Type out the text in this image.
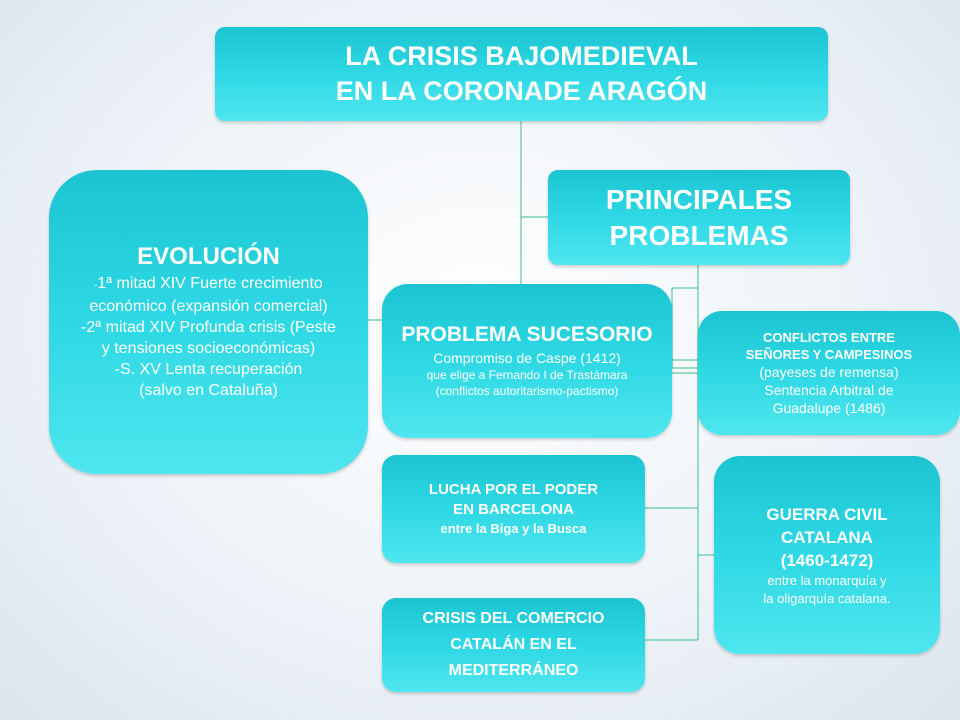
LA CRISIS BAJOMEDIEVAL
EN LA CORONADE ARAGÓN
PRINCIPALES
PROBLEMAS
EVOLUCIÓN
-1ª mitad XIV Fuerte crecimiento
económico (expansión comercial)
-2ª mitad XIV Profunda crisis (Peste
y tensiones socioeconómicas)
-S. XV Lenta recuperación
(salvo en Cataluña)
PROBLEMA SUCESORIO
Compromiso de Caspe (1412)
que elige a Fernando I de Trastámara
(conflictos autoritarismo-pactismo)
CONFLICTOS ENTRE
SEÑORES Y CAMPESINOS
(payeses de remensa)
Sentencia Arbitral de
Guadalupe (1486)
LUCHA POR EL PODER
EN BARCELONA
entre la Biga y la Busca
GUERRA CIVIL
CATALANA
(1460-1472)
entre la monarquía y
la oligarquía catalana.
CRISIS DEL COMERCIO
CATALÁN EN EL
MEDITERRÁNEO
